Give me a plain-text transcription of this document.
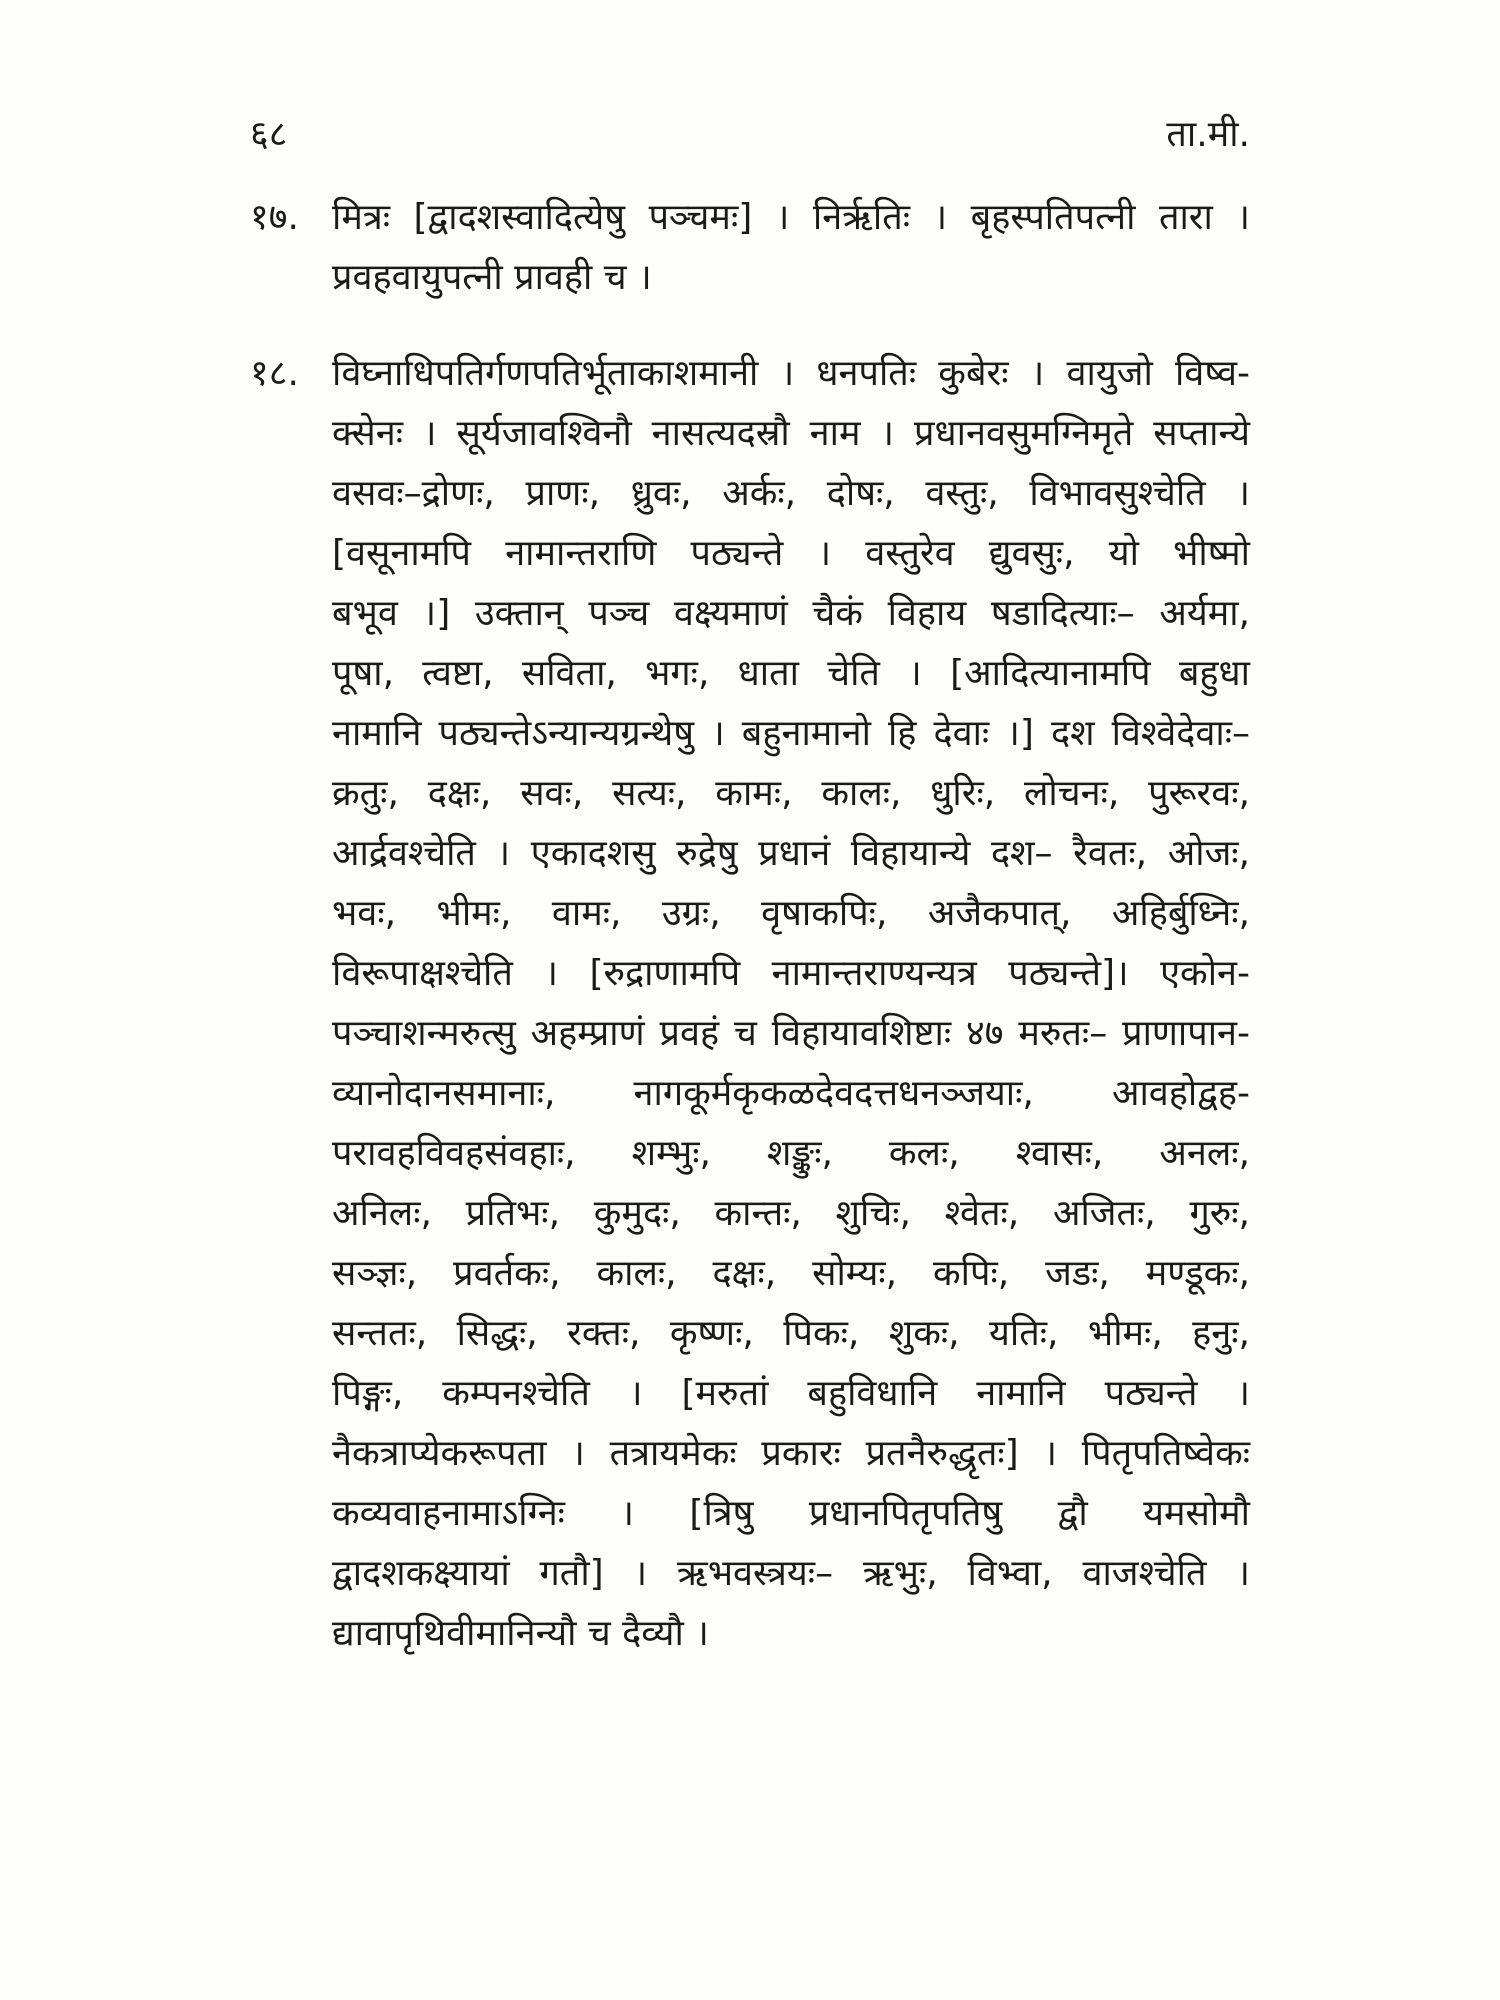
६८	ता.मी.
१७. मित्रः [द्वादशस्वादित्येषु पञ्चमः] । निरृतिः । बृहस्पतिपत्नी तारा ।
प्रवहवायुपत्नी प्रावही च ।
१८. विघ्नाधिपतिर्गणपतिर्भूताकाशमानी । धनपतिः कुबेरः । वायुजो विष्व-
क्सेनः । सूर्यजावश्विनौ नासत्यदस्रौ नाम । प्रधानवसुमग्निमृते सप्तान्ये
वसवः–द्रोणः, प्राणः, ध्रुवः, अर्कः, दोषः, वस्तुः, विभावसुश्चेति ।
[वसूनामपि नामान्तराणि पठ्यन्ते । वस्तुरेव द्युवसुः, यो भीष्मो
बभूव ।] उक्तान् पञ्च वक्ष्यमाणं चैकं विहाय षडादित्याः– अर्यमा,
पूषा, त्वष्टा, सविता, भगः, धाता चेति । [आदित्यानामपि बहुधा
नामानि पठ्यन्तेऽन्यान्यग्रन्थेषु । बहुनामानो हि देवाः ।] दश विश्वेदेवाः–
क्रतुः, दक्षः, सवः, सत्यः, कामः, कालः, धुरिः, लोचनः, पुरूरवः,
आर्द्रवश्चेति । एकादशसु रुद्रेषु प्रधानं विहायान्ये दश– रैवतः, ओजः,
भवः, भीमः, वामः, उग्रः, वृषाकपिः, अजैकपात्, अहिर्बुध्निः,
विरूपाक्षश्चेति । [रुद्राणामपि नामान्तराण्यन्यत्र पठ्यन्ते]। एकोन-
पञ्चाशन्मरुत्सु अहम्प्राणं प्रवहं च विहायावशिष्टाः ४७ मरुतः– प्राणापान-
व्यानोदानसमानाः, नागकूर्मकृकळदेवदत्तधनञ्जयाः, आवहोद्वह-
परावहविवहसंवहाः, शम्भुः, शङ्कुः, कलः, श्वासः, अनलः,
अनिलः, प्रतिभः, कुमुदः, कान्तः, शुचिः, श्वेतः, अजितः, गुरुः,
सञ्ज्ञः, प्रवर्तकः, कालः, दक्षः, सोम्यः, कपिः, जडः, मण्डूकः,
सन्ततः, सिद्धः, रक्तः, कृष्णः, पिकः, शुकः, यतिः, भीमः, हनुः,
पिङ्गः, कम्पनश्चेति । [मरुतां बहुविधानि नामानि पठ्यन्ते ।
नैकत्राप्येकरूपता । तत्रायमेकः प्रकारः प्रतनैरुद्धृतः] । पितृपतिष्वेकः
कव्यवाहनामाऽग्निः । [त्रिषु प्रधानपितृपतिषु द्वौ यमसोमौ
द्वादशकक्ष्यायां गतौ] । ऋभवस्त्रयः– ऋभुः, विभ्वा, वाजश्चेति ।
द्यावापृथिवीमानिन्यौ च दैव्यौ ।
